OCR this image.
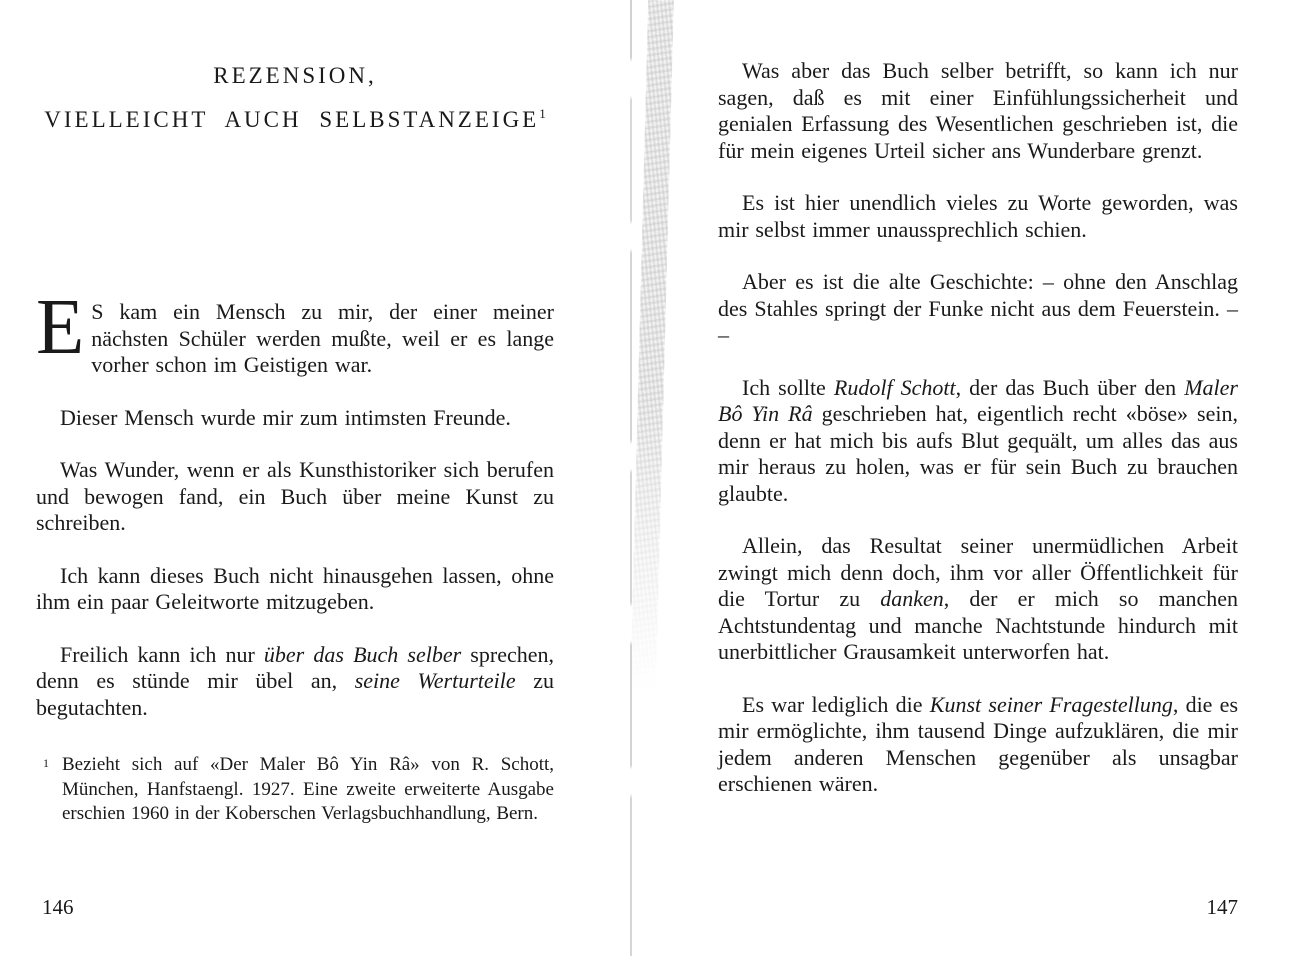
REZENSION,
VIELLEICHT AUCH SELBSTANZEIGE$^1$

E S kam ein Mensch zu mir, der einer meiner nächsten Schüler werden mußte, weil er es lange vorher schon im Geistigen war.

Dieser Mensch wurde mir zum intimsten Freunde.

Was Wunder, wenn er als Kunsthistoriker sich berufen und bewogen fand, ein Buch über meine Kunst zu schreiben.

Ich kann dieses Buch nicht hinausgehen lassen, ohne ihm ein paar Geleitworte mitzugeben.

Freilich kann ich nur über das Buch selber sprechen, denn es stünde mir übel an, seine Werturteile zu begutachten.

1 Bezieht sich auf «Der Maler Bô Yin Râ» von R. Schott, München, Hanfstaengl. 1927. Eine zweite erweiterte Ausgabe erschien 1960 in der Koberschen Verlagsbuchhandlung, Bern.

Was aber das Buch selber betrifft, so kann ich nur sagen, daß es mit einer Einfühlungssicherheit und genialen Erfassung des Wesentlichen geschrieben ist, die für mein eigenes Urteil sicher ans Wunderbare grenzt.

Es ist hier unendlich vieles zu Worte geworden, was mir selbst immer unaussprechlich schien.

Aber es ist die alte Geschichte: – ohne den Anschlag des Stahles springt der Funke nicht aus dem Feuerstein. – –

Ich sollte Rudolf Schott, der das Buch über den Maler Bô Yin Râ geschrieben hat, eigentlich recht «böse» sein, denn er hat mich bis aufs Blut gequält, um alles das aus mir heraus zu holen, was er für sein Buch zu brauchen glaubte.

Allein, das Resultat seiner unermüdlichen Arbeit zwingt mich denn doch, ihm vor aller Öffentlichkeit für die Tortur zu danken, der er mich so manchen Achtstundentag und manche Nachtstunde hindurch mit unerbittlicher Grausamkeit unterworfen hat.

Es war lediglich die Kunst seiner Fragestellung, die es mir ermöglichte, ihm tausend Dinge aufzuklären, die mir jedem anderen Menschen gegenüber als unsagbar erschienen wären.

146	147
